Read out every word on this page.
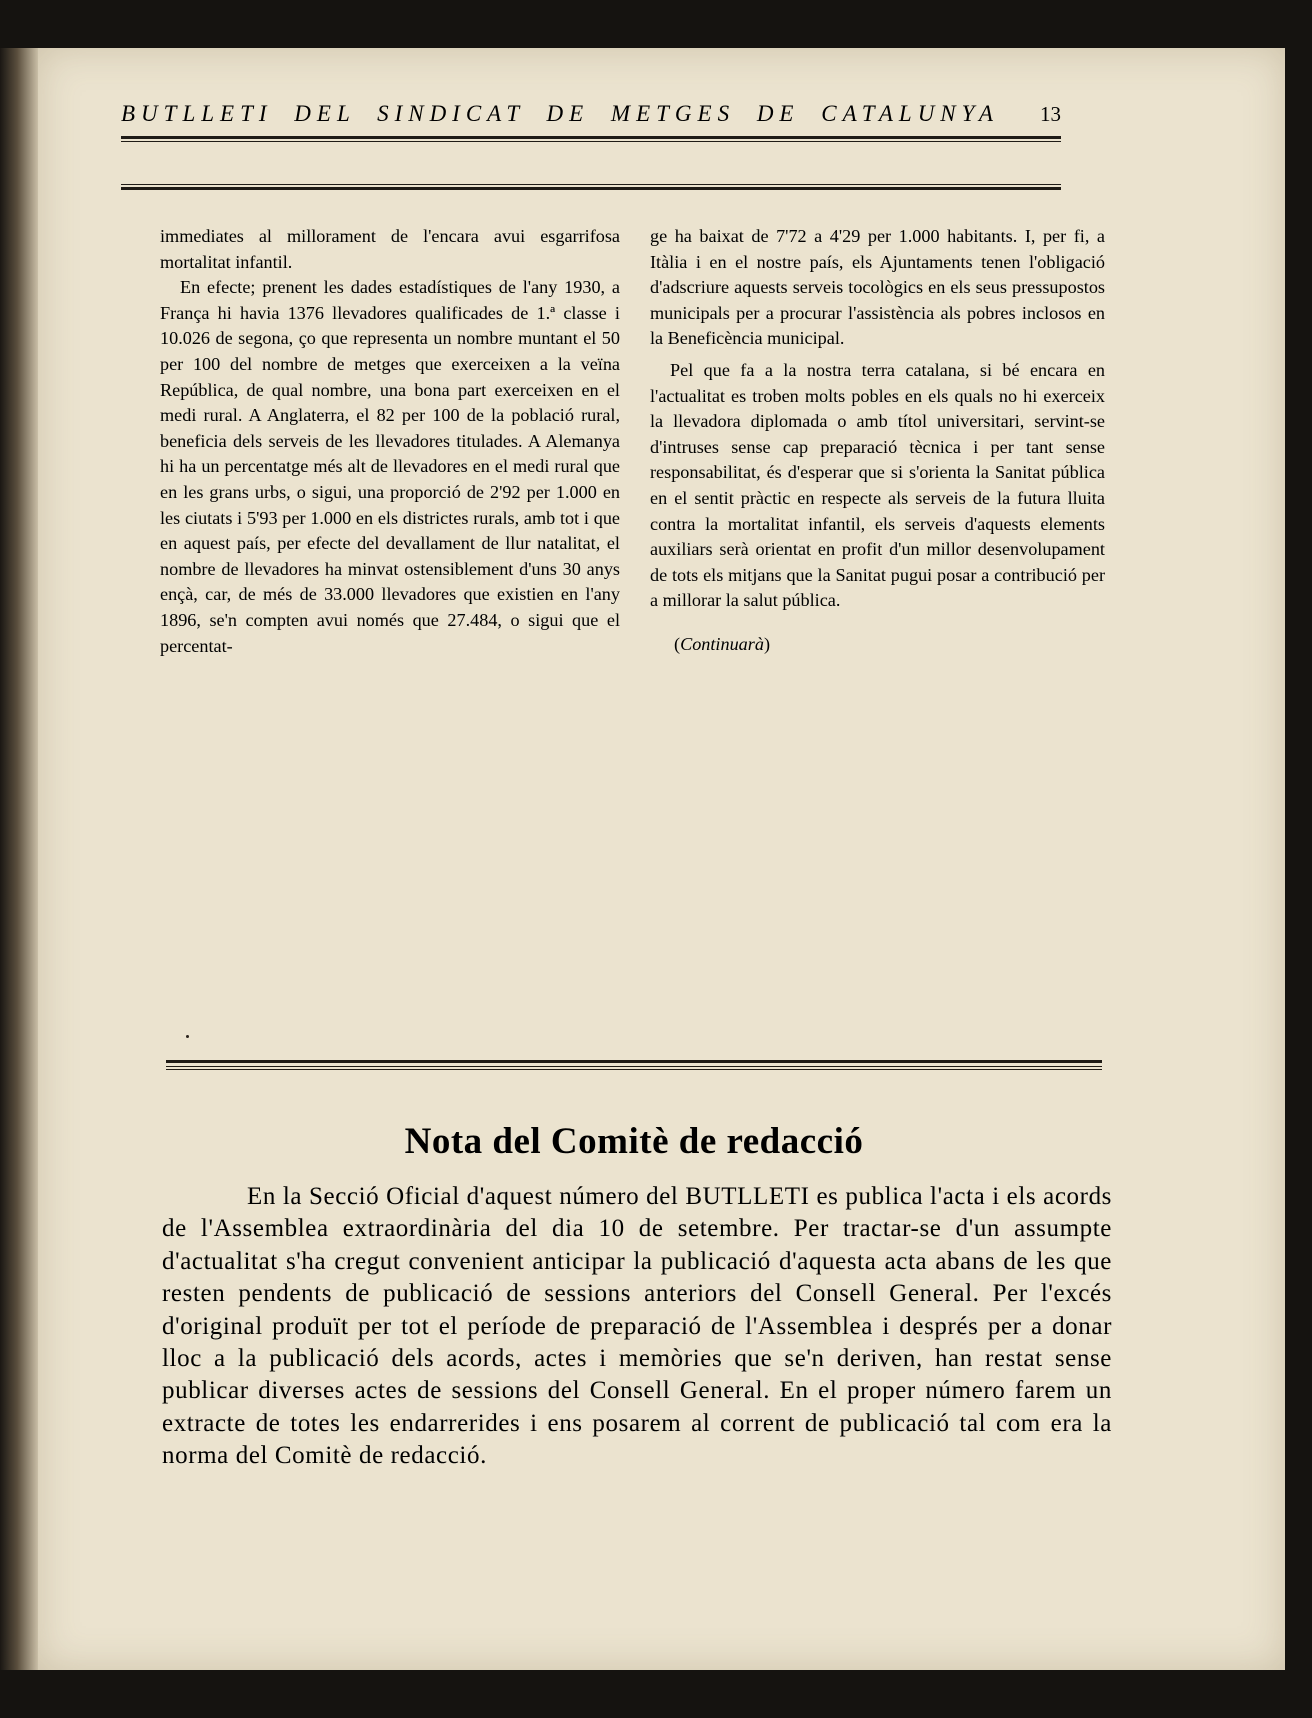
BUTLLETI DEL SINDICAT DE METGES DE CATALUNYA 13

immediates al millorament de l'encara avui esgarrifosa mortalitat infantil.

En efecte; prenent les dades estadístiques de l'any 1930, a França hi havia 1376 llevadores qualificades de 1.ª classe i 10.026 de segona, ço que representa un nombre muntant el 50 per 100 del nombre de metges que exerceixen a la veïna República, de qual nombre, una bona part exerceixen en el medi rural. A Anglaterra, el 82 per 100 de la població rural, beneficia dels serveis de les llevadores titulades. A Alemanya hi ha un percentatge més alt de llevadores en el medi rural que en les grans urbs, o sigui, una proporció de 2'92 per 1.000 en les ciutats i 5'93 per 1.000 en els districtes rurals, amb tot i que en aquest país, per efecte del devallament de llur natalitat, el nombre de llevadores ha minvat ostensiblement d'uns 30 anys ençà, car, de més de 33.000 llevadores que existien en l'any 1896, se'n compten avui només que 27.484, o sigui que el percentat-

ge ha baixat de 7'72 a 4'29 per 1.000 habitants. I, per fi, a Itàlia i en el nostre país, els Ajuntaments tenen l'obligació d'adscriure aquests serveis tocològics en els seus pressupostos municipals per a procurar l'assistència als pobres inclosos en la Beneficència municipal.

Pel que fa a la nostra terra catalana, si bé encara en l'actualitat es troben molts pobles en els quals no hi exerceix la llevadora diplomada o amb títol universitari, servint-se d'intruses sense cap preparació tècnica i per tant sense responsabilitat, és d'esperar que si s'orienta la Sanitat pública en el sentit pràctic en respecte als serveis de la futura lluita contra la mortalitat infantil, els serveis d'aquests elements auxiliars serà orientat en profit d'un millor desenvolupament de tots els mitjans que la Sanitat pugui posar a contribució per a millorar la salut pública.

(Continuarà)

Nota del Comitè de redacció

En la Secció Oficial d'aquest número del BUTLLETI es publica l'acta i els acords de l'Assemblea extraordinària del dia 10 de setembre. Per tractar-se d'un assumpte d'actualitat s'ha cregut convenient anticipar la publicació d'aquesta acta abans de les que resten pendents de publicació de sessions anteriors del Consell General. Per l'excés d'original produït per tot el període de preparació de l'Assemblea i després per a donar lloc a la publicació dels acords, actes i memòries que se'n deriven, han restat sense publicar diverses actes de sessions del Consell General. En el proper número farem un extracte de totes les endarrerides i ens posarem al corrent de publicació tal com era la norma del Comitè de redacció.
